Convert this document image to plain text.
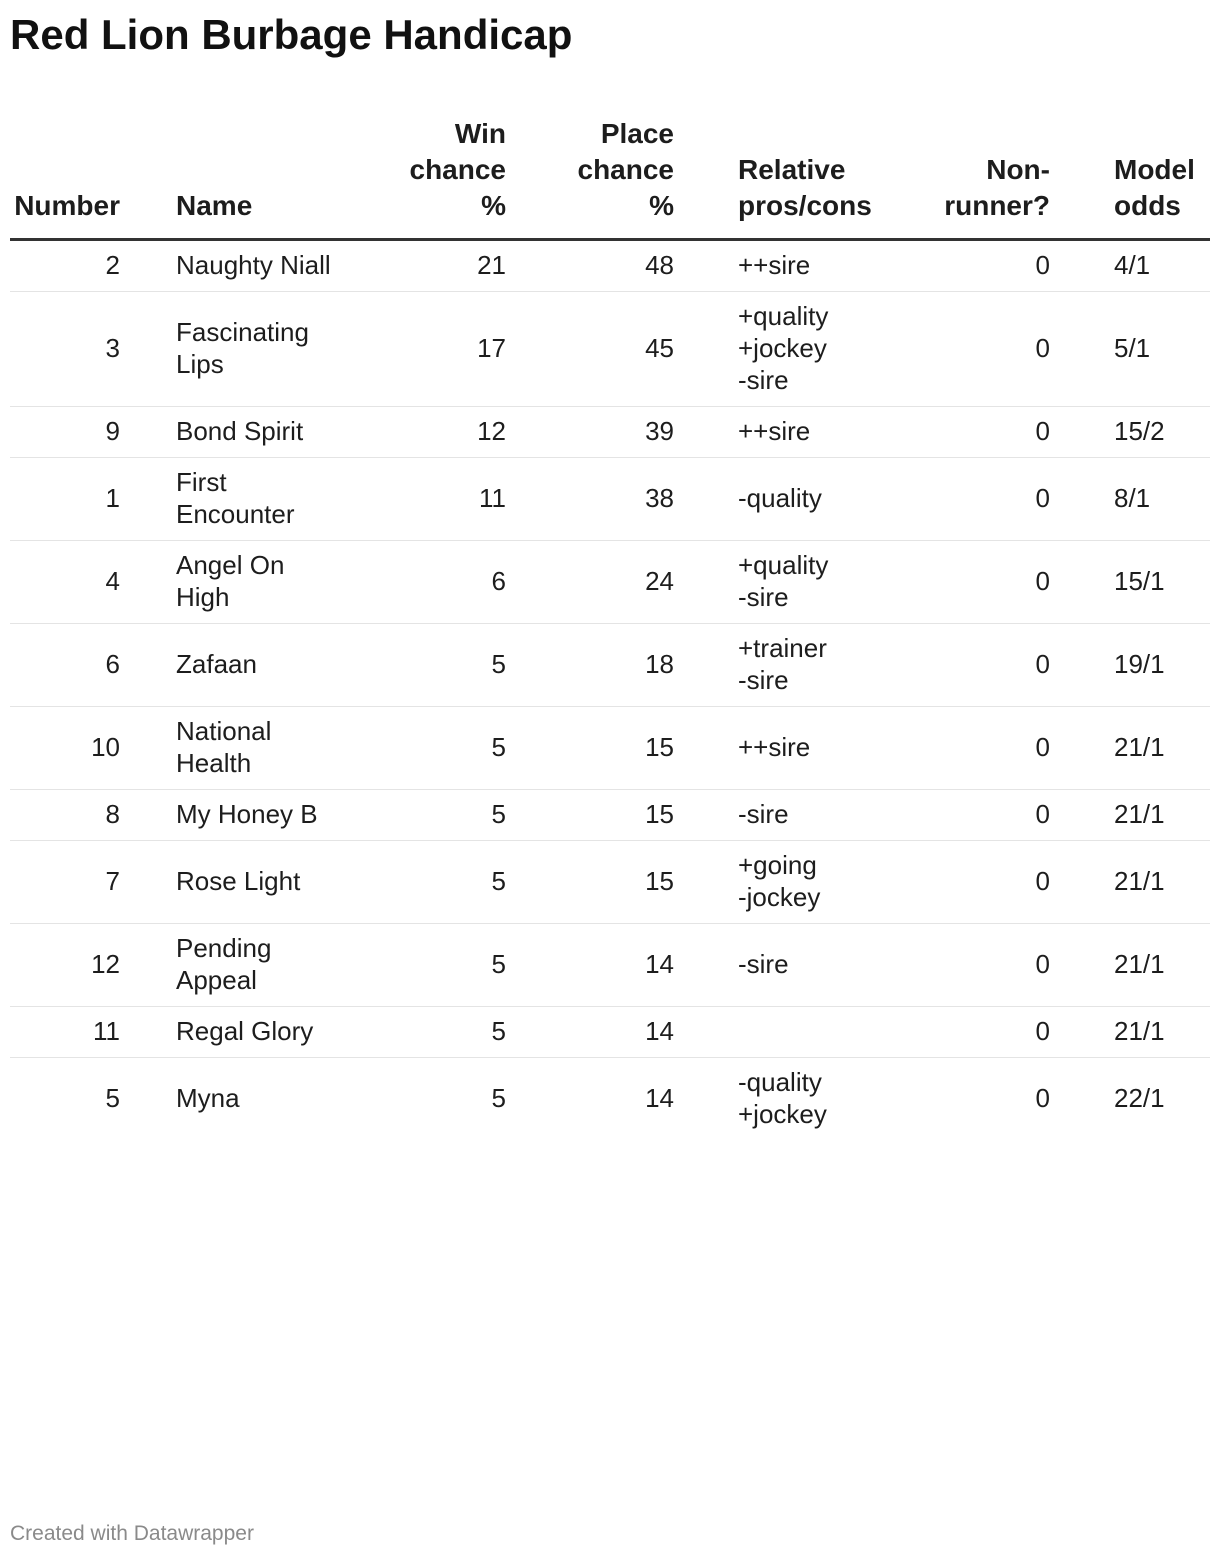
Red Lion Burbage Handicap
Number	Name	Win
chance
%	Place
chance
%	Relative
pros/cons	Non-
runner?	Model
odds

2	Naughty Niall	21	48	++sire	0	4/1
3	Fascinating Lips	17	45	+quality
+jockey
-sire	0	5/1
9	Bond Spirit	12	39	++sire	0	15/2
1	First Encounter	11	38	-quality	0	8/1
4	Angel On High	6	24	+quality
-sire	0	15/1
6	Zafaan	5	18	+trainer
-sire	0	19/1
10	National Health	5	15	++sire	0	21/1
8	My Honey B	5	15	-sire	0	21/1
7	Rose Light	5	15	+going
-jockey	0	21/1
12	Pending Appeal	5	14	-sire	0	21/1
11	Regal Glory	5	14		0	21/1
5	Myna	5	14	-quality
+jockey	0	22/1
Created with Datawrapper
